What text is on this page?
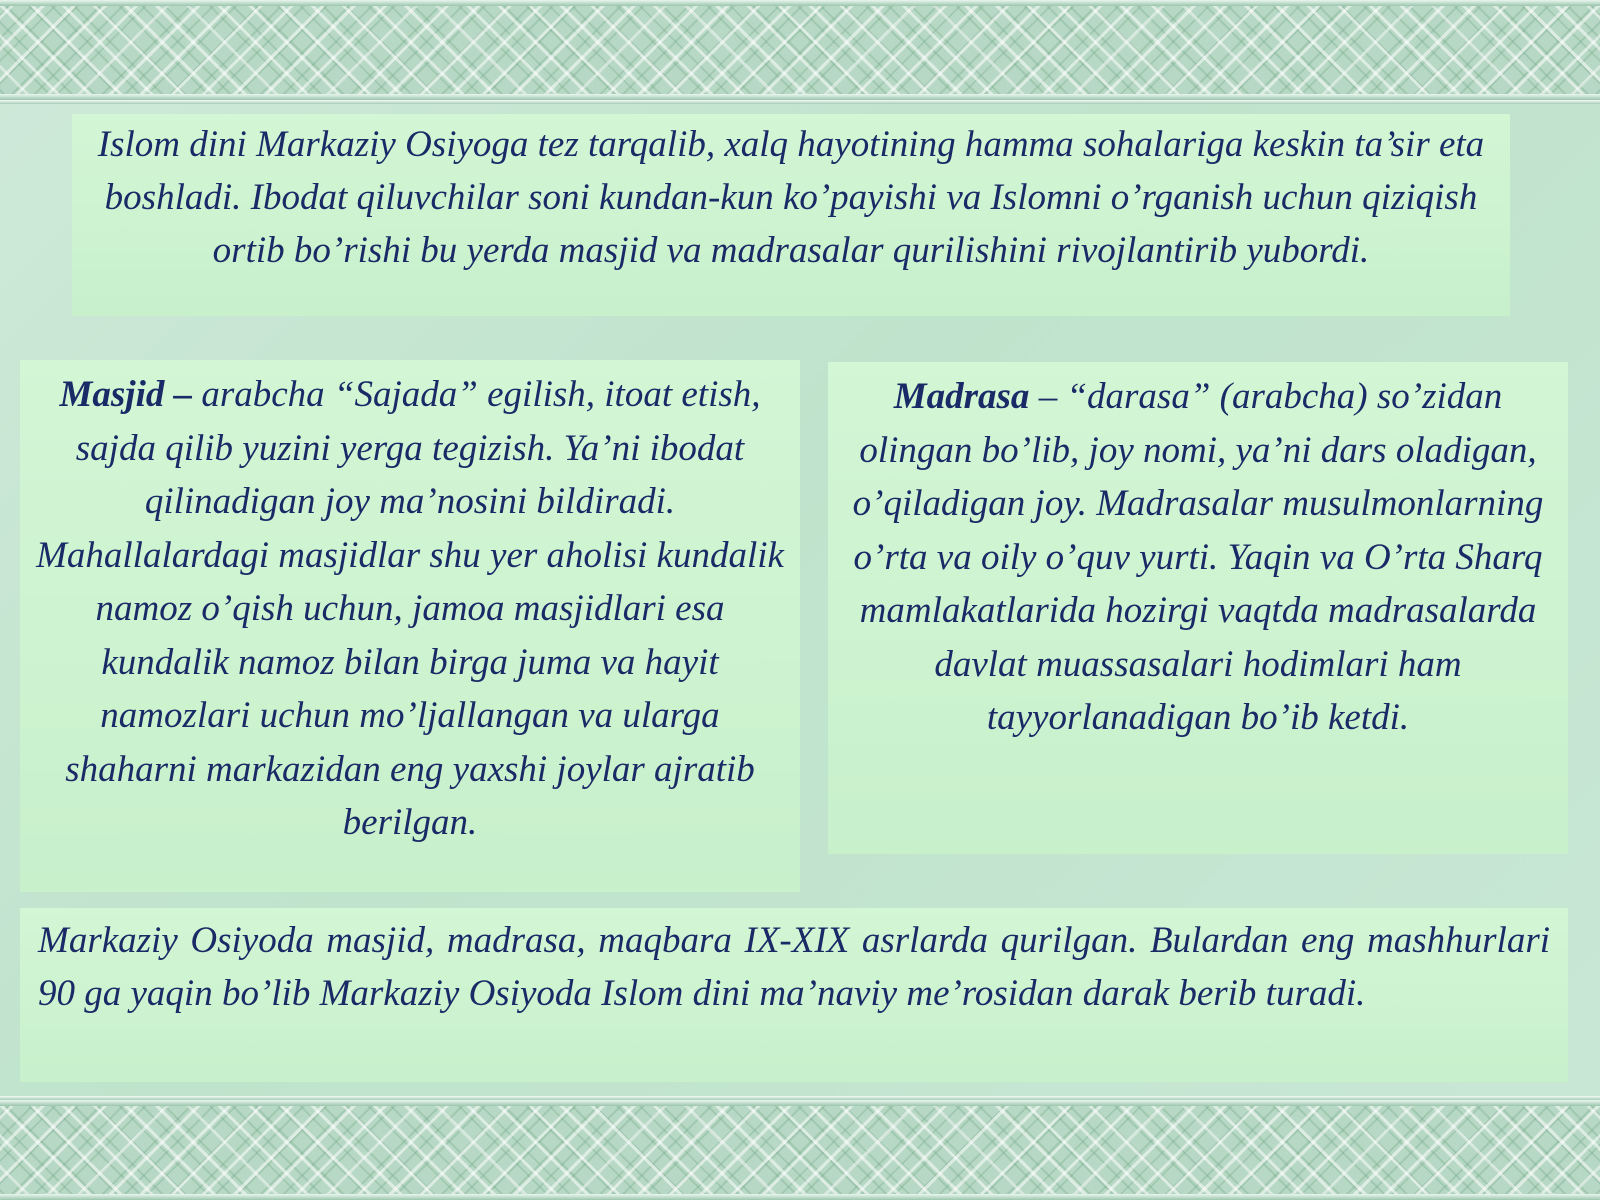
Islom dini Markaziy Osiyoga tez tarqalib, xalq hayotining hamma sohalariga keskin ta’sir eta boshladi. Ibodat qiluvchilar soni kundan-kun ko’payishi va Islomni o’rganish uchun qiziqish ortib bo’rishi bu yerda masjid va madrasalar qurilishini rivojlantirib yubordi.
Masjid – arabcha “Sajada” egilish, itoat etish, sajda qilib yuzini yerga tegizish. Ya’ni ibodat qilinadigan joy ma’nosini bildiradi. Mahallalardagi masjidlar shu yer aholisi kundalik namoz o’qish uchun, jamoa masjidlari esa kundalik namoz bilan birga juma va hayit namozlari uchun mo’ljallangan va ularga shaharni markazidan eng yaxshi joylar ajratib berilgan.
Madrasa – “darasa” (arabcha) so’zidan olingan bo’lib, joy nomi, ya’ni dars oladigan, o’qiladigan joy. Madrasalar musulmonlarning o’rta va oily o’quv yurti. Yaqin va O’rta Sharq mamlakatlarida hozirgi vaqtda madrasalarda davlat muassasalari hodimlari ham tayyorlanadigan bo’ib ketdi.
Markaziy Osiyoda masjid, madrasa, maqbara IX-XIX asrlarda qurilgan. Bulardan eng mashhurlari 90 ga yaqin bo’lib Markaziy Osiyoda Islom dini ma’naviy me’rosidan darak berib turadi.
